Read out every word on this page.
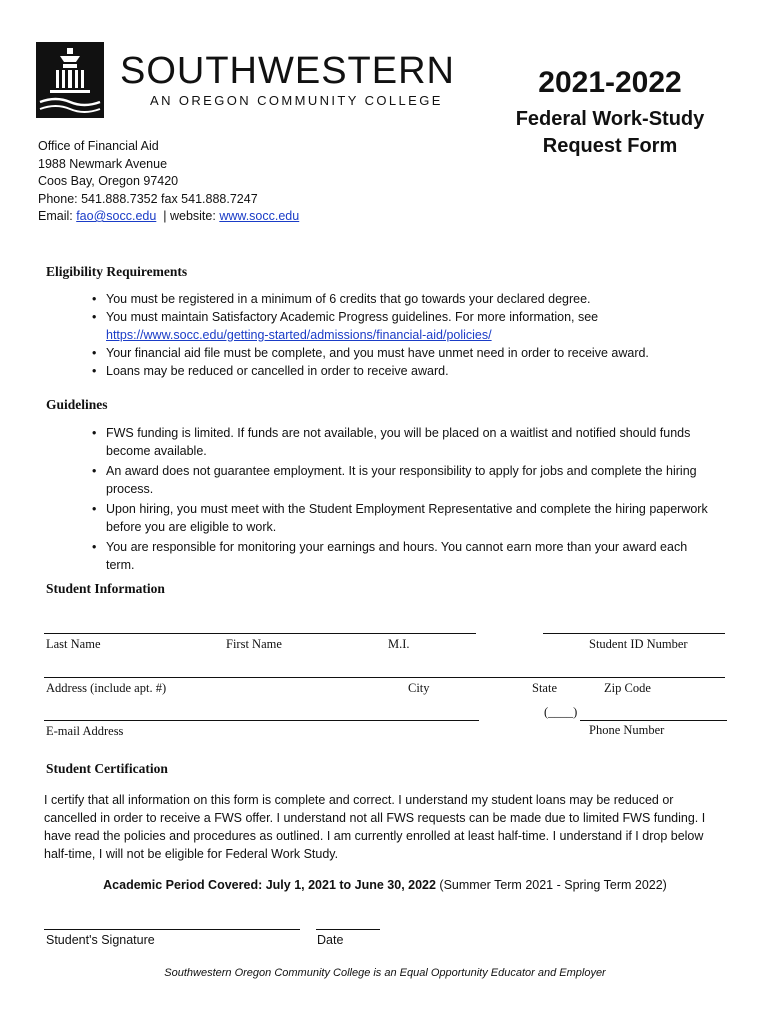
SOUTHWESTERN
AN OREGON COMMUNITY COLLEGE
2021-2022
Federal Work-Study
Request Form
Office of Financial Aid
1988 Newmark Avenue
Coos Bay, Oregon 97420
Phone: 541.888.7352 fax 541.888.7247
Email: fao@socc.edu  | website: www.socc.edu
Eligibility Requirements
• You must be registered in a minimum of 6 credits that go towards your declared degree.
• You must maintain Satisfactory Academic Progress guidelines. For more information, see
https://www.socc.edu/getting-started/admissions/financial-aid/policies/
• Your financial aid file must be complete, and you must have unmet need in order to receive award.
• Loans may be reduced or cancelled in order to receive award.
Guidelines
• FWS funding is limited. If funds are not available, you will be placed on a waitlist and notified should funds become available.
• An award does not guarantee employment. It is your responsibility to apply for jobs and complete the hiring process.
• Upon hiring, you must meet with the Student Employment Representative and complete the hiring paperwork before you are eligible to work.
• You are responsible for monitoring your earnings and hours. You cannot earn more than your award each term.
Student Information
Last Name	First Name	M.I.	Student ID Number
Address (include apt. #)	City	State	Zip Code
(____)
E-mail Address	Phone Number
Student Certification
I certify that all information on this form is complete and correct. I understand my student loans may be reduced or cancelled in order to receive a FWS offer. I understand not all FWS requests can be made due to limited FWS funding. I have read the policies and procedures as outlined. I am currently enrolled at least half-time. I understand if I drop below half-time, I will not be eligible for Federal Work Study.
Academic Period Covered: July 1, 2021 to June 30, 2022 (Summer Term 2021 - Spring Term 2022)
Student's Signature	Date
Southwestern Oregon Community College is an Equal Opportunity Educator and Employer
